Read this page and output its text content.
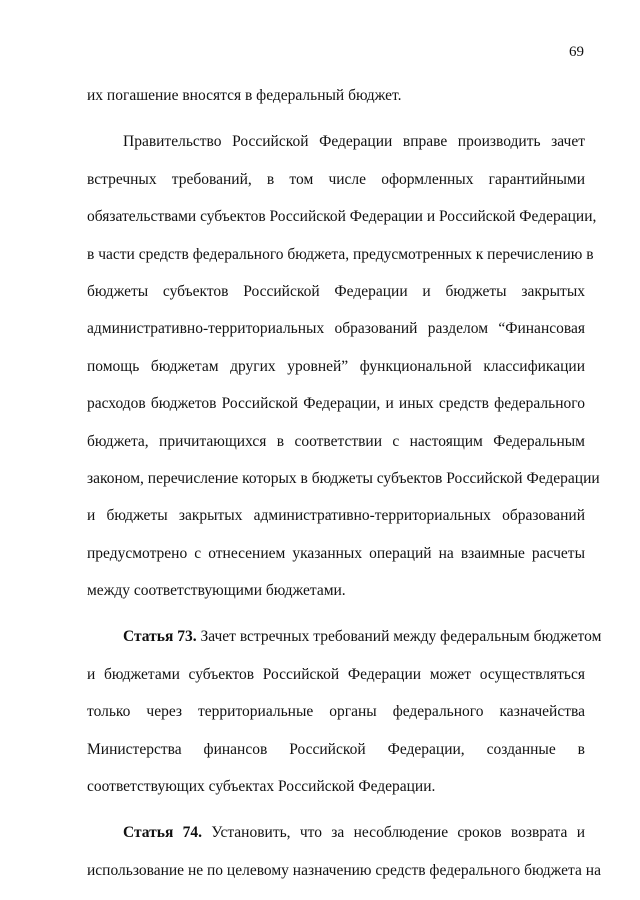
69
их погашение вносятся в федеральный бюджет.
Правительство Российской Федерации вправе производить зачет
встречных требований, в том числе оформленных гарантийными
обязательствами субъектов Российской Федерации и Российской Федерации,
в части средств федерального бюджета, предусмотренных к перечислению в
бюджеты субъектов Российской Федерации и бюджеты закрытых
административно-территориальных образований разделом “Финансовая
помощь бюджетам других уровней” функциональной классификации
расходов бюджетов Российской Федерации, и иных средств федерального
бюджета, причитающихся в соответствии с настоящим Федеральным
законом, перечисление которых в бюджеты субъектов Российской Федерации
и бюджеты закрытых административно-территориальных образований
предусмотрено с отнесением указанных операций на взаимные расчеты
между соответствующими бюджетами.
Статья 73. Зачет встречных требований между федеральным бюджетом
и бюджетами субъектов Российской Федерации может осуществляться
только через территориальные органы федерального казначейства
Министерства финансов Российской Федерации, созданные в
соответствующих субъектах Российской Федерации.
Статья 74. Установить, что за несоблюдение сроков возврата и
использование не по целевому назначению средств федерального бюджета на
